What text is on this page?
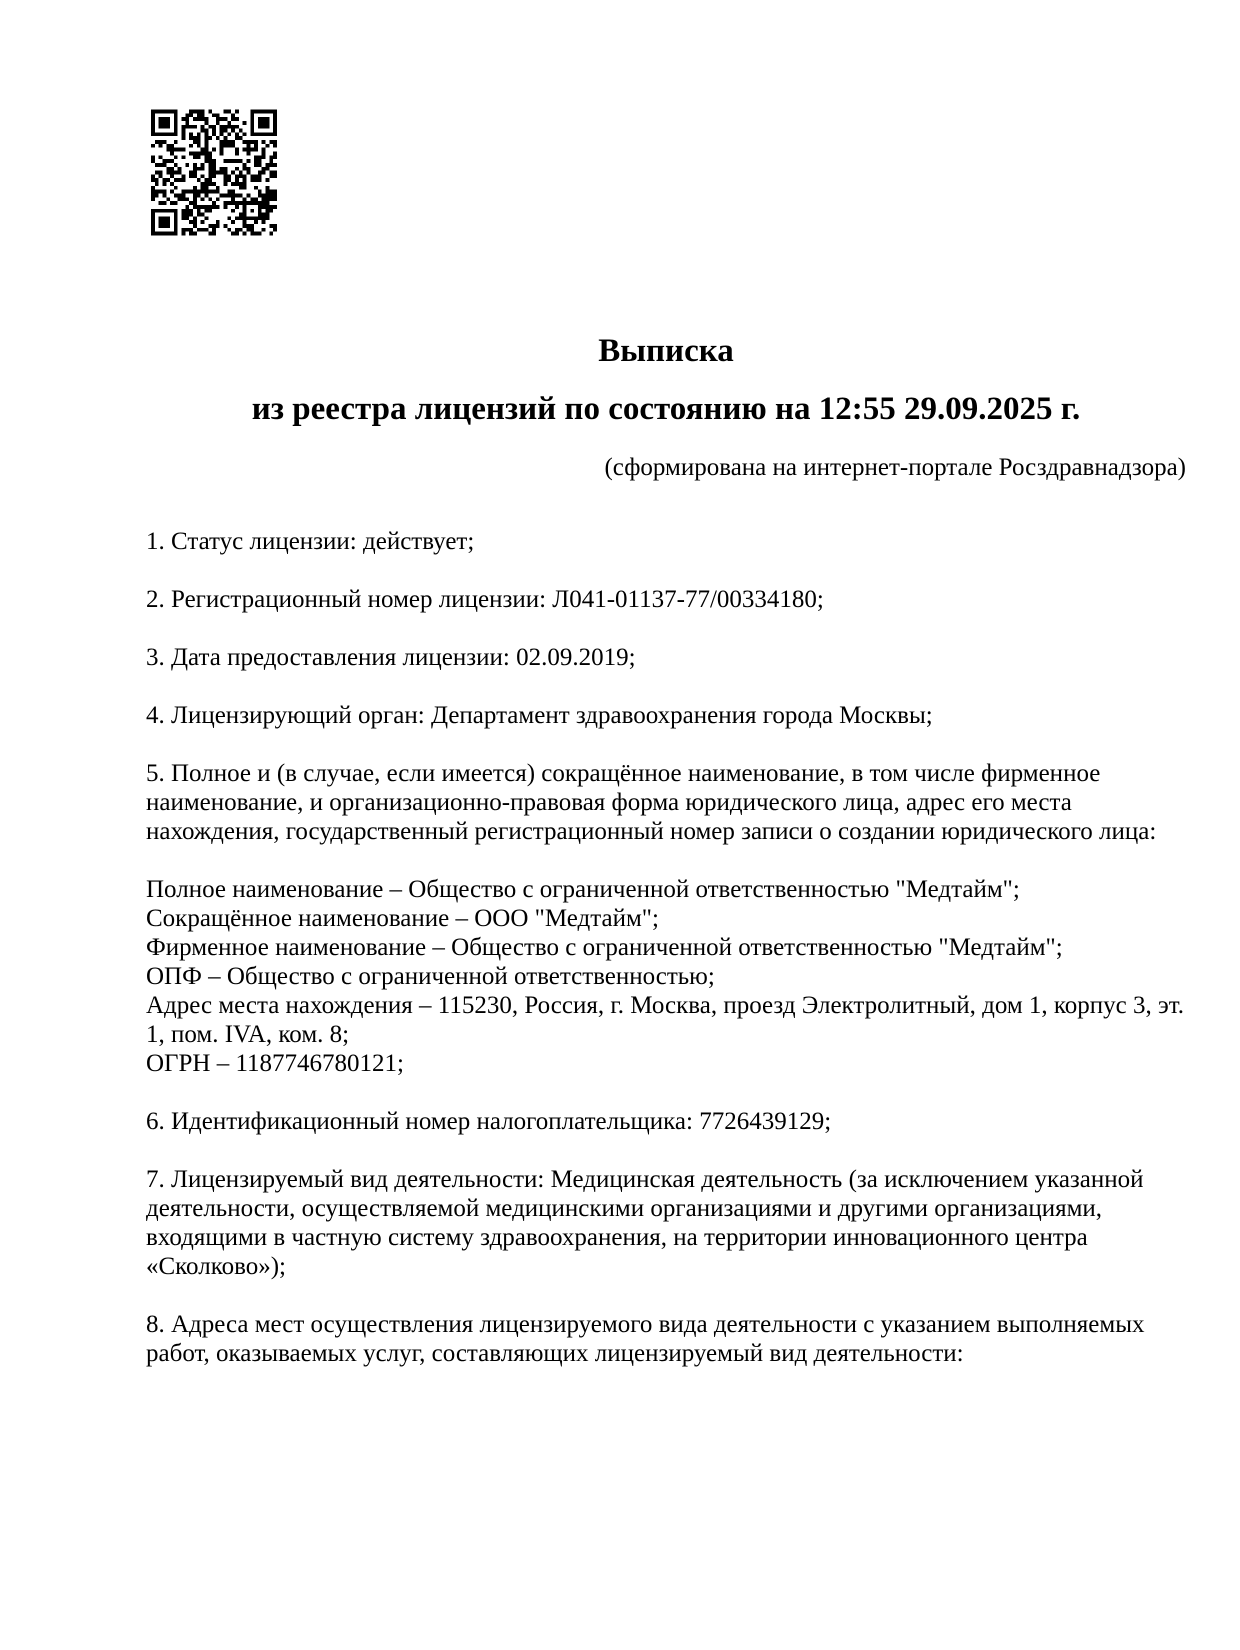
Выписка

из реестра лицензий по состоянию на 12:55 29.09.2025 г.
(сформирована на интернет-портале Росздравнадзора)

1. Статус лицензии: действует;

2. Регистрационный номер лицензии: Л041-01137-77/00334180;

3. Дата предоставления лицензии: 02.09.2019;

4. Лицензирующий орган: Департамент здравоохранения города Москвы;

5. Полное и (в случае, если имеется) сокращённое наименование, в том числе фирменное наименование, и организационно-правовая форма юридического лица, адрес его места нахождения, государственный регистрационный номер записи о создании юридического лица:

Полное наименование – Общество с ограниченной ответственностью "Медтайм";
Сокращённое наименование – ООО "Медтайм";
Фирменное наименование – Общество с ограниченной ответственностью "Медтайм";
ОПФ – Общество с ограниченной ответственностью;
Адрес места нахождения – 115230, Россия, г. Москва, проезд Электролитный, дом 1, корпус 3, эт. 1, пом. IVA, ком. 8;
ОГРН – 1187746780121;

6. Идентификационный номер налогоплательщика: 7726439129;

7. Лицензируемый вид деятельности: Медицинская деятельность (за исключением указанной деятельности, осуществляемой медицинскими организациями и другими организациями, входящими в частную систему здравоохранения, на территории инновационного центра «Сколково»);

8. Адреса мест осуществления лицензируемого вида деятельности с указанием выполняемых работ, оказываемых услуг, составляющих лицензируемый вид деятельности:
